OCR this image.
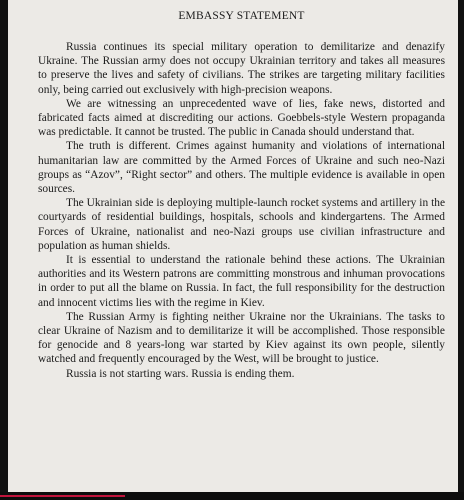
EMBASSY STATEMENT

Russia continues its special military operation to demilitarize and denazify Ukraine. The Russian army does not occupy Ukrainian territory and takes all measures to preserve the lives and safety of civilians. The strikes are targeting military facilities only, being carried out exclusively with high-precision weapons.

We are witnessing an unprecedented wave of lies, fake news, distorted and fabricated facts aimed at discrediting our actions. Goebbels-style Western propaganda was predictable. It cannot be trusted. The public in Canada should understand that.

The truth is different. Crimes against humanity and violations of international humanitarian law are committed by the Armed Forces of Ukraine and such neo-Nazi groups as “Azov”, “Right sector” and others. The multiple evidence is available in open sources.

The Ukrainian side is deploying multiple-launch rocket systems and artillery in the courtyards of residential buildings, hospitals, schools and kindergartens. The Armed Forces of Ukraine, nationalist and neo-Nazi groups use civilian infrastructure and population as human shields.

It is essential to understand the rationale behind these actions. The Ukrainian authorities and its Western patrons are committing monstrous and inhuman provocations in order to put all the blame on Russia. In fact, the full responsibility for the destruction and innocent victims lies with the regime in Kiev.

The Russian Army is fighting neither Ukraine nor the Ukrainians. The tasks to clear Ukraine of Nazism and to demilitarize it will be accomplished. Those responsible for genocide and 8 years-long war started by Kiev against its own people, silently watched and frequently encouraged by the West, will be brought to justice.

Russia is not starting wars. Russia is ending them.
